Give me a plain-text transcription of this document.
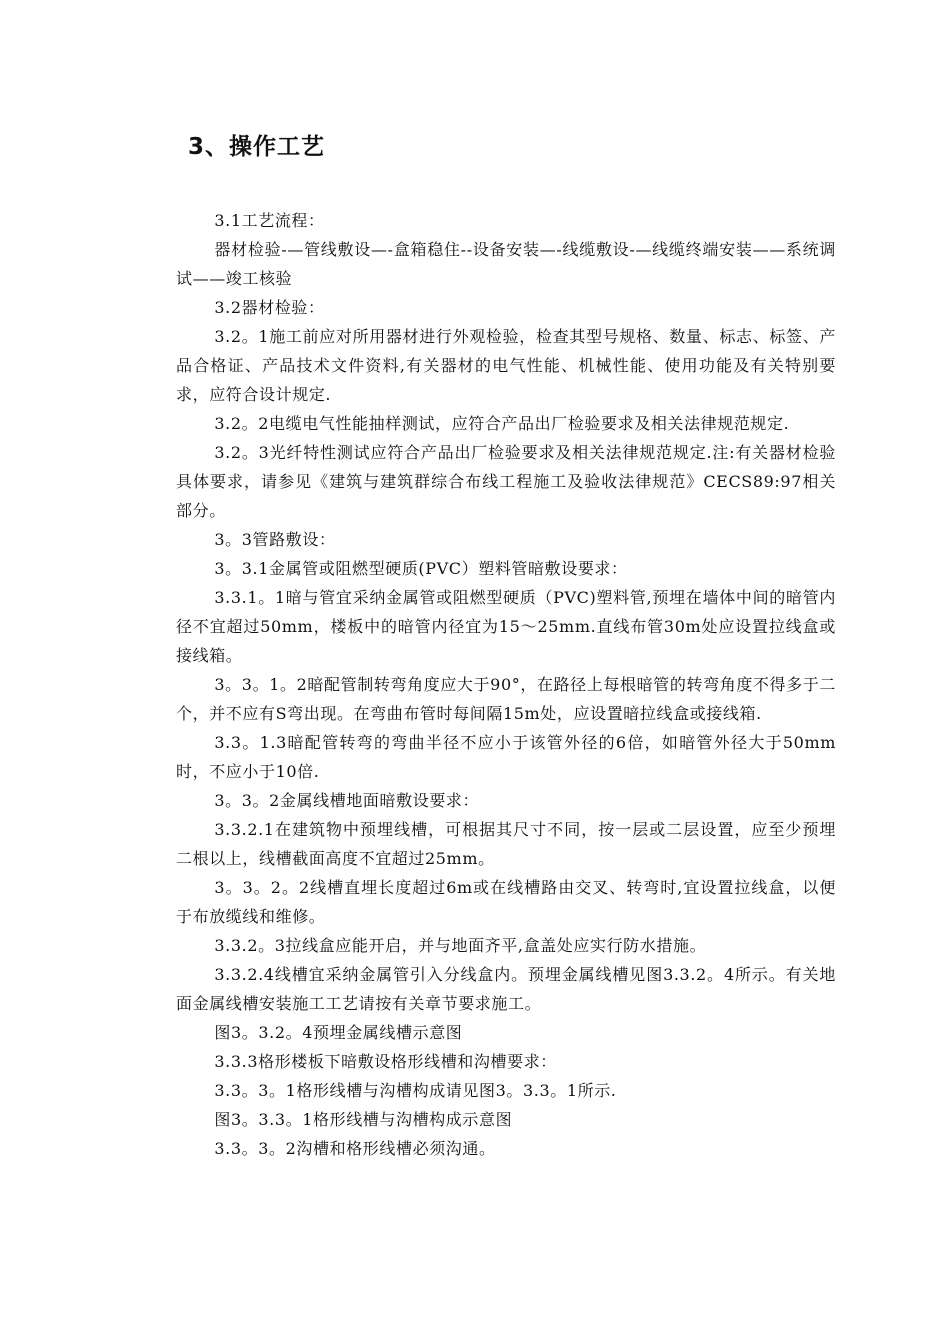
3、操作工艺

3.1工艺流程：

器材检验-—管线敷设—-盒箱稳住--设备安装—-线缆敷设-—线缆终端安装——系统调试——竣工核验

3.2器材检验：

3.2。1施工前应对所用器材进行外观检验，检查其型号规格、数量、标志、标签、产品合格证、产品技术文件资料,有关器材的电气性能、机械性能、使用功能及有关特别要求，应符合设计规定.

3.2。2电缆电气性能抽样测试，应符合产品出厂检验要求及相关法律规范规定.

3.2。3光纤特性测试应符合产品出厂检验要求及相关法律规范规定.注:有关器材检验具体要求，请参见《建筑与建筑群综合布线工程施工及验收法律规范》CECS89:97相关部分。

3。3管路敷设：

3。3.1金属管或阻燃型硬质(PVC）塑料管暗敷设要求：

3.3.1。1暗与管宜采纳金属管或阻燃型硬质（PVC)塑料管,预埋在墙体中间的暗管内径不宜超过50mm，楼板中的暗管内径宜为15～25mm.直线布管30m处应设置拉线盒或接线箱。

3。3。1。2暗配管制转弯角度应大于90°，在路径上每根暗管的转弯角度不得多于二个，并不应有S弯出现。在弯曲布管时每间隔15m处，应设置暗拉线盒或接线箱.

3.3。1.3暗配管转弯的弯曲半径不应小于该管外径的6倍，如暗管外径大于50mm时，不应小于10倍.

3。3。2金属线槽地面暗敷设要求：

3.3.2.1在建筑物中预埋线槽，可根据其尺寸不同，按一层或二层设置，应至少预埋二根以上，线槽截面高度不宜超过25mm。

3。3。2。2线槽直埋长度超过6m或在线槽路由交叉、转弯时,宜设置拉线盒，以便于布放缆线和维修。

3.3.2。3拉线盒应能开启，并与地面齐平,盒盖处应实行防水措施。

3.3.2.4线槽宜采纳金属管引入分线盒内。预埋金属线槽见图3.3.2。4所示。有关地面金属线槽安装施工工艺请按有关章节要求施工。

图3。3.2。4预埋金属线槽示意图

3.3.3格形楼板下暗敷设格形线槽和沟槽要求：

3.3。3。1格形线槽与沟槽构成请见图3。3.3。1所示.

图3。3.3。1格形线槽与沟槽构成示意图

3.3。3。2沟槽和格形线槽必须沟通。
